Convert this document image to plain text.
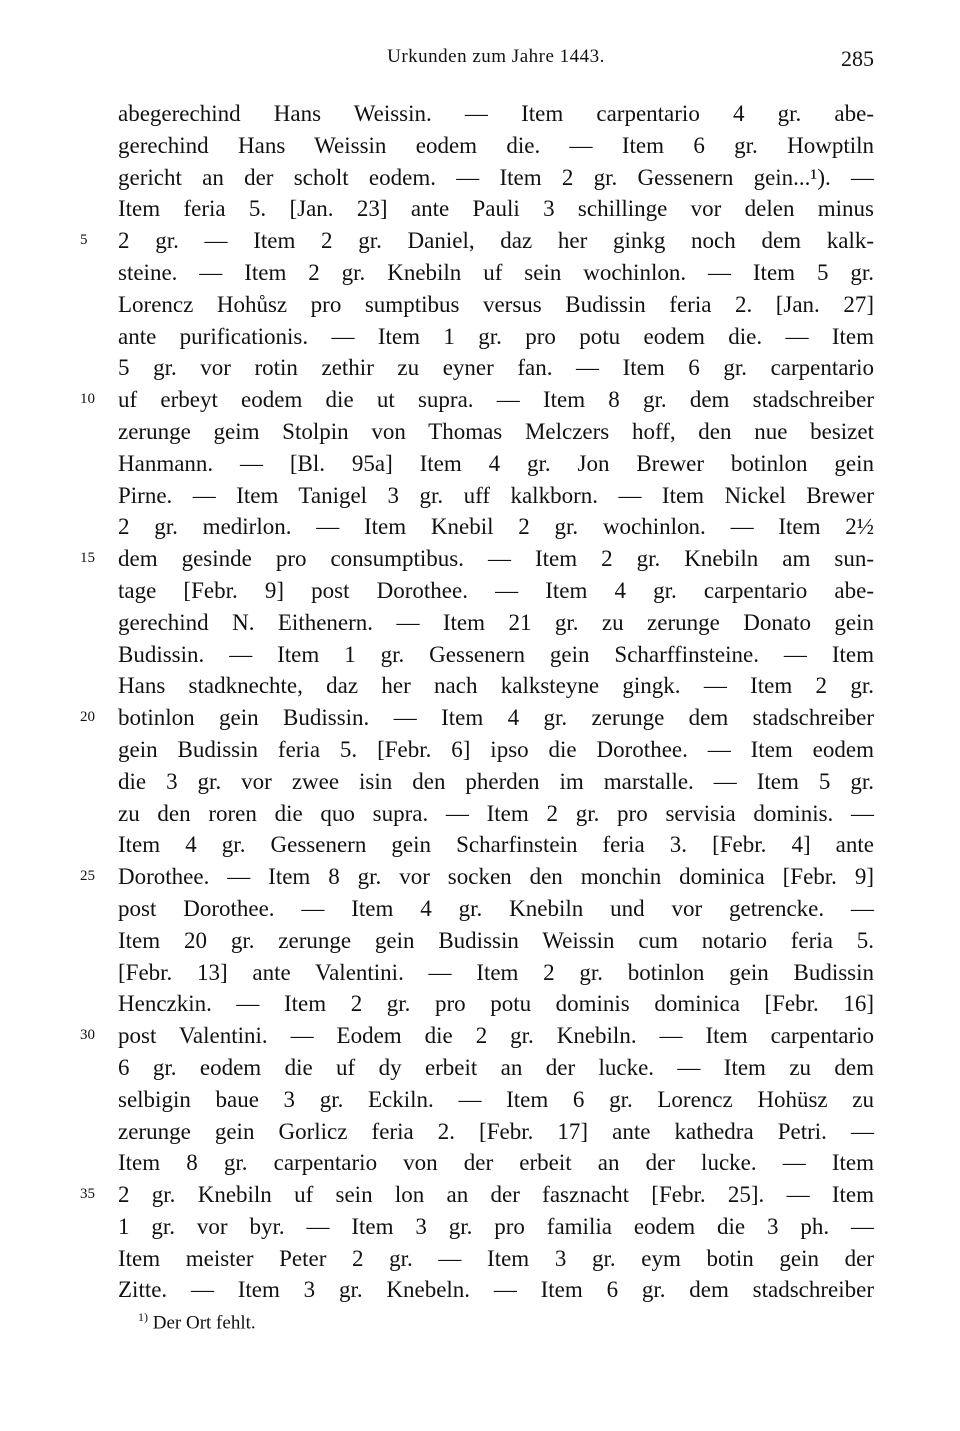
Urkunden zum Jahre 1443.	285
abegerechind Hans Weissin. — Item carpentario 4 gr. abe-
gerechind Hans Weissin eodem die. — Item 6 gr. Howptiln
gericht an der scholt eodem. — Item 2 gr. Gessenern gein...¹). —
Item feria 5. [Jan. 23] ante Pauli 3 schillinge vor delen minus
5	2 gr. — Item 2 gr. Daniel, daz her ginkg noch dem kalk-
steine. — Item 2 gr. Knebiln uf sein wochinlon. — Item 5 gr.
Lorencz Hohůsz pro sumptibus versus Budissin feria 2. [Jan. 27]
ante purificationis. — Item 1 gr. pro potu eodem die. — Item
5 gr. vor rotin zethir zu eyner fan. — Item 6 gr. carpentario
10	uf erbeyt eodem die ut supra. — Item 8 gr. dem stadschreiber
zerunge geim Stolpin von Thomas Melczers hoff, den nue besizet
Hanmann. — [Bl. 95a] Item 4 gr. Jon Brewer botinlon gein
Pirne. — Item Tanigel 3 gr. uff kalkborn. — Item Nickel Brewer
2 gr. medirlon. — Item Knebil 2 gr. wochinlon. — Item 2½
15	dem gesinde pro consumptibus. — Item 2 gr. Knebiln am sun-
tage [Febr. 9] post Dorothee. — Item 4 gr. carpentario abe-
gerechind N. Eithenern. — Item 21 gr. zu zerunge Donato gein
Budissin. — Item 1 gr. Gessenern gein Scharffinsteine. — Item
Hans stadknechte, daz her nach kalksteyne gingk. — Item 2 gr.
20	botinlon gein Budissin. — Item 4 gr. zerunge dem stadschreiber
gein Budissin feria 5. [Febr. 6] ipso die Dorothee. — Item eodem
die 3 gr. vor zwee isin den pherden im marstalle. — Item 5 gr.
zu den roren die quo supra. — Item 2 gr. pro servisia dominis. —
Item 4 gr. Gessenern gein Scharfinstein feria 3. [Febr. 4] ante
25	Dorothee. — Item 8 gr. vor socken den monchin dominica [Febr. 9]
post Dorothee. — Item 4 gr. Knebiln und vor getrencke. —
Item 20 gr. zerunge gein Budissin Weissin cum notario feria 5.
[Febr. 13] ante Valentini. — Item 2 gr. botinlon gein Budissin
Henczkin. — Item 2 gr. pro potu dominis dominica [Febr. 16]
30	post Valentini. — Eodem die 2 gr. Knebiln. — Item carpentario
6 gr. eodem die uf dy erbeit an der lucke. — Item zu dem
selbigin baue 3 gr. Eckiln. — Item 6 gr. Lorencz Hohüsz zu
zerunge gein Gorlicz feria 2. [Febr. 17] ante kathedra Petri. —
Item 8 gr. carpentario von der erbeit an der lucke. — Item
35	2 gr. Knebiln uf sein lon an der fasznacht [Febr. 25]. — Item
1 gr. vor byr. — Item 3 gr. pro familia eodem die 3 ph. —
Item meister Peter 2 gr. — Item 3 gr. eym botin gein der
Zitte. — Item 3 gr. Knebeln. — Item 6 gr. dem stadschreiber
$^{1)}$ Der Ort fehlt.
